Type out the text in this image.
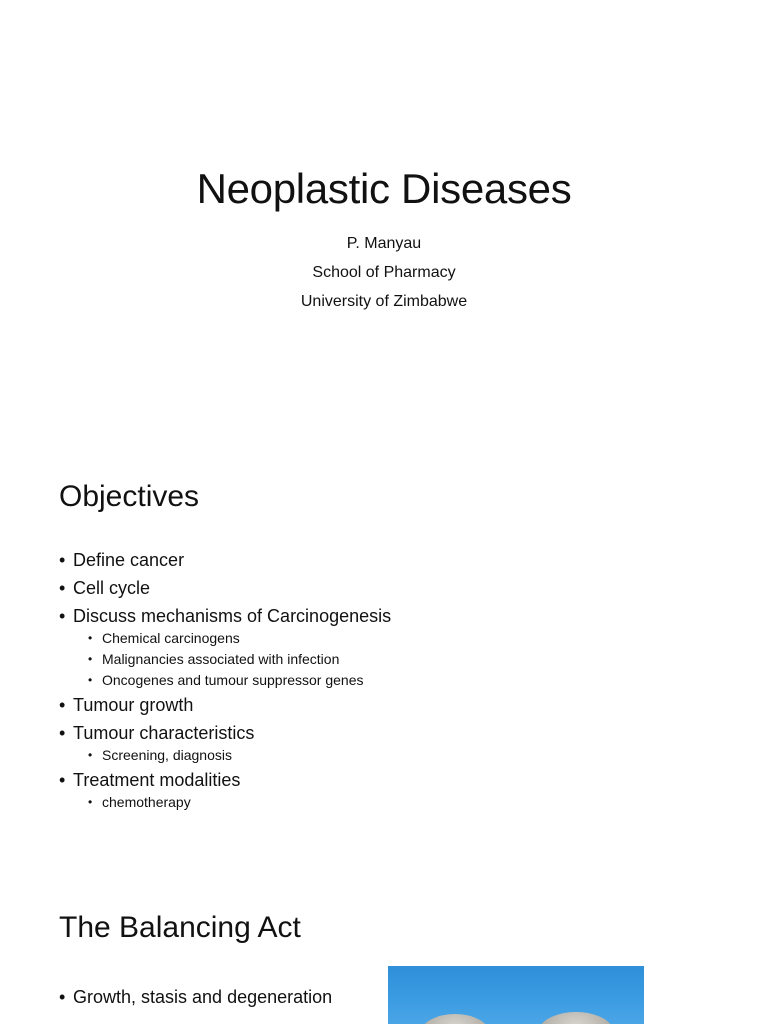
Neoplastic Diseases
P. Manyau
School of Pharmacy
University of Zimbabwe
Objectives
• Define cancer
• Cell cycle
• Discuss mechanisms of Carcinogenesis
• Chemical carcinogens
• Malignancies associated with infection
• Oncogenes and tumour suppressor genes
• Tumour growth
• Tumour characteristics
• Screening, diagnosis
• Treatment modalities
• chemotherapy
The Balancing Act
• Growth, stasis and degeneration
